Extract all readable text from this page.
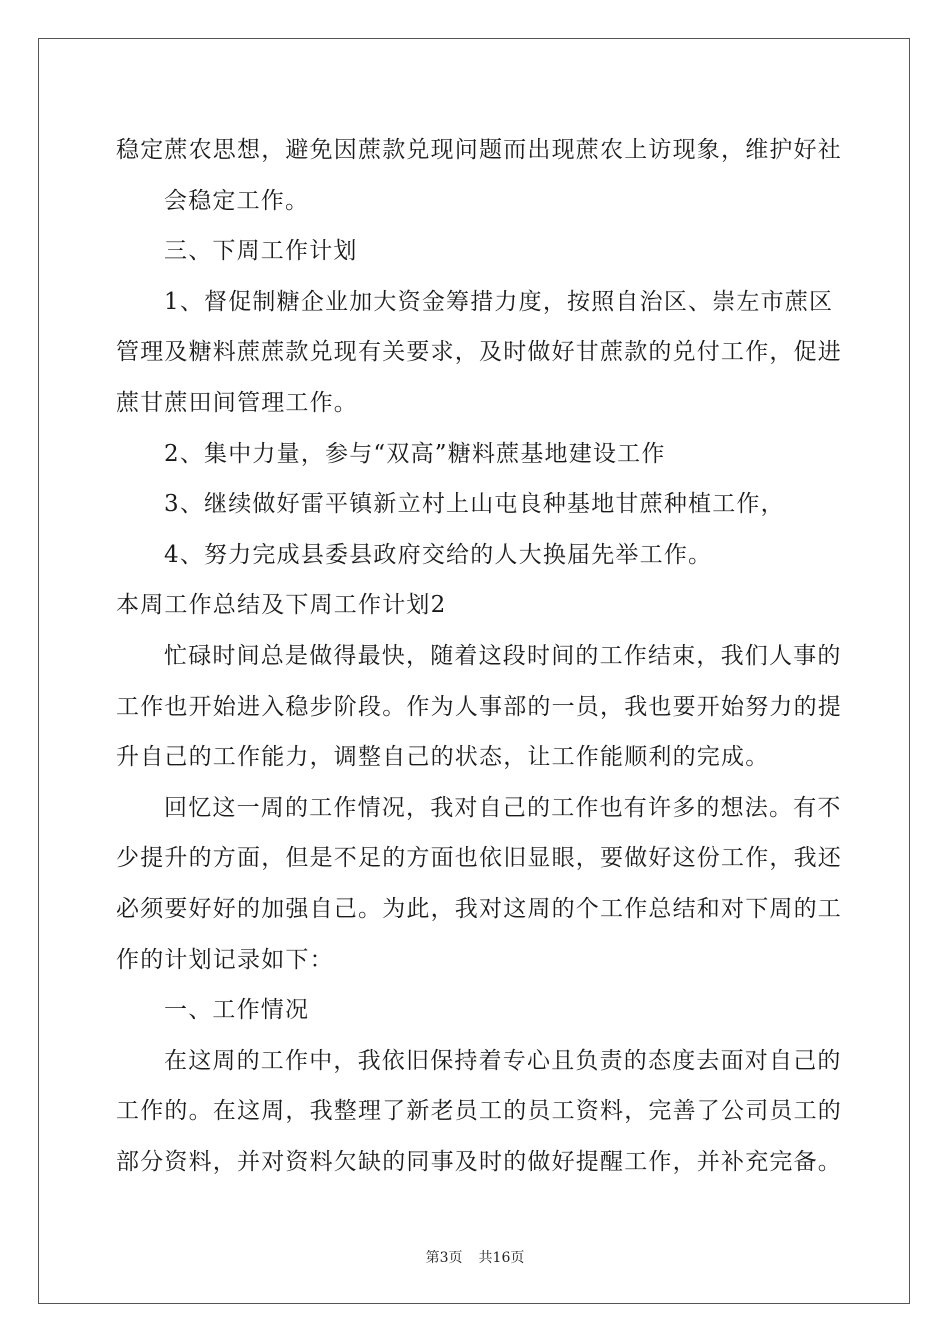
稳定蔗农思想，避免因蔗款兑现问题而出现蔗农上访现象，维护好社
会稳定工作。
三、下周工作计划
1、督促制糖企业加大资金筹措力度，按照自治区、崇左市蔗区
管理及糖料蔗蔗款兑现有关要求，及时做好甘蔗款的兑付工作，促进
蔗甘蔗田间管理工作。
2、集中力量，参与“双高”糖料蔗基地建设工作
3、继续做好雷平镇新立村上山屯良种基地甘蔗种植工作，
4、努力完成县委县政府交给的人大换届先举工作。
本周工作总结及下周工作计划2
忙碌时间总是做得最快，随着这段时间的工作结束，我们人事的
工作也开始进入稳步阶段。作为人事部的一员，我也要开始努力的提
升自己的工作能力，调整自己的状态，让工作能顺利的完成。
回忆这一周的工作情况，我对自己的工作也有许多的想法。有不
少提升的方面，但是不足的方面也依旧显眼，要做好这份工作，我还
必须要好好的加强自己。为此，我对这周的个工作总结和对下周的工
作的计划记录如下：
一、工作情况
在这周的工作中，我依旧保持着专心且负责的态度去面对自己的
工作的。在这周，我整理了新老员工的员工资料，完善了公司员工的
部分资料，并对资料欠缺的同事及时的做好提醒工作，并补充完备。
第3页 共16页
